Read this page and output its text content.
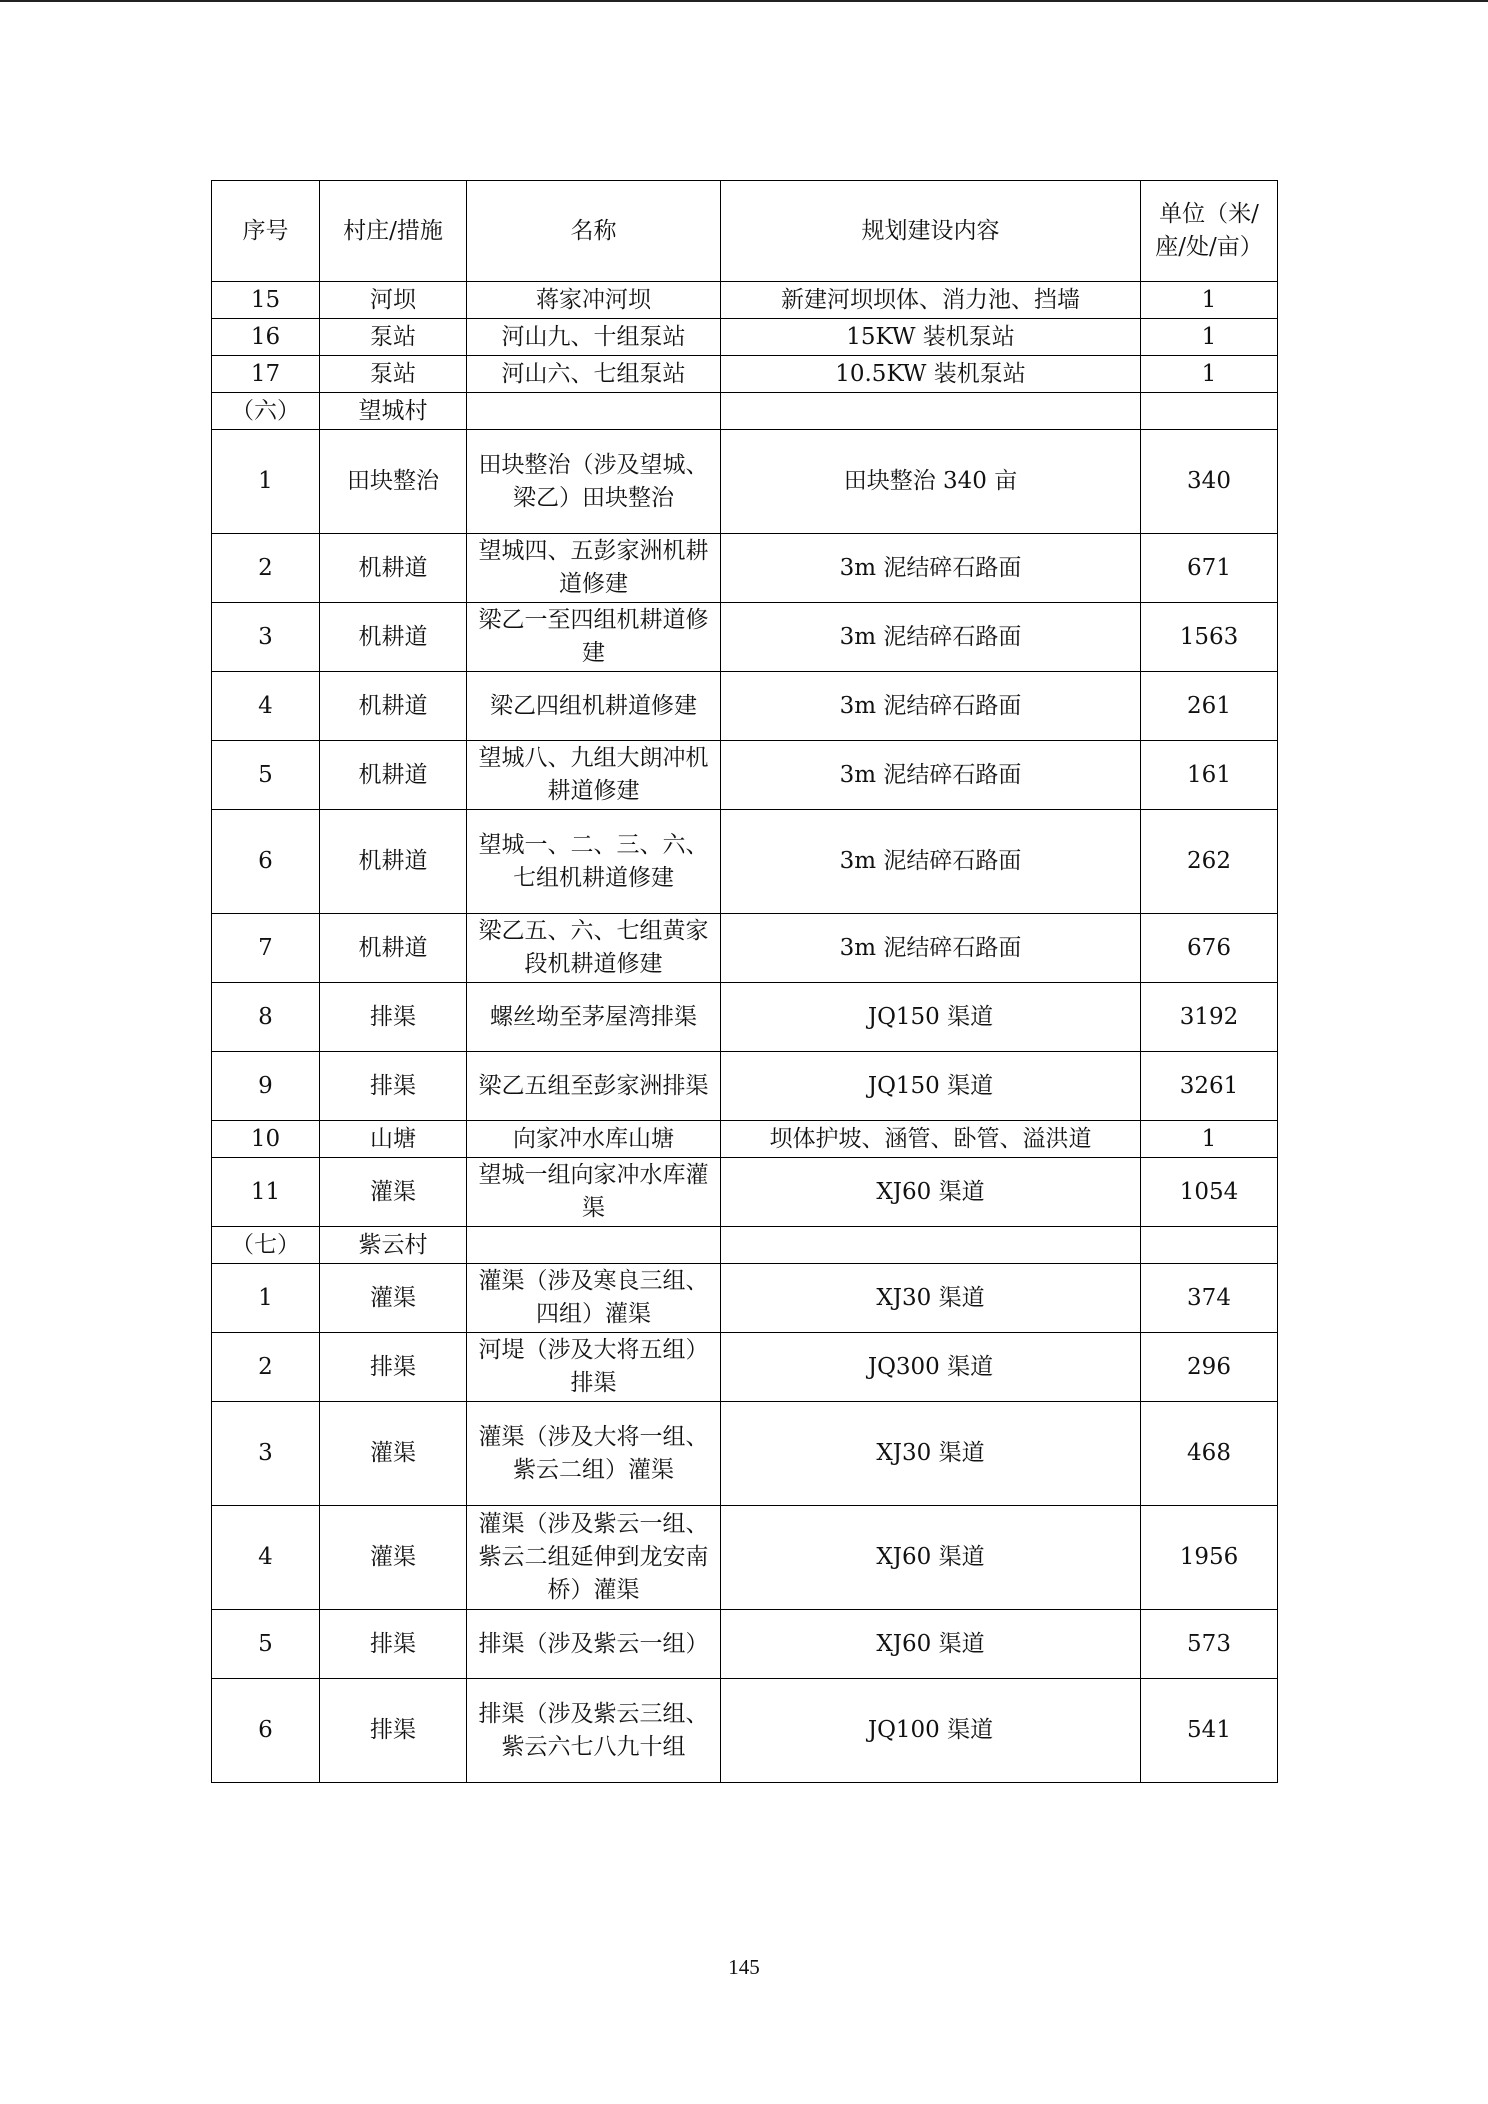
序号	村庄/措施	名称	规划建设内容	单位（米/座/处/亩）
15	河坝	蒋家冲河坝	新建河坝坝体、消力池、挡墙	1
16	泵站	河山九、十组泵站	15KW 装机泵站	1
17	泵站	河山六、七组泵站	10.5KW 装机泵站	1
（六）	望城村			
1	田块整治	田块整治（涉及望城、梁乙）田块整治	田块整治 340 亩	340
2	机耕道	望城四、五彭家洲机耕道修建	3m 泥结碎石路面	671
3	机耕道	梁乙一至四组机耕道修建	3m 泥结碎石路面	1563
4	机耕道	梁乙四组机耕道修建	3m 泥结碎石路面	261
5	机耕道	望城八、九组大朗冲机耕道修建	3m 泥结碎石路面	161
6	机耕道	望城一、二、三、六、七组机耕道修建	3m 泥结碎石路面	262
7	机耕道	梁乙五、六、七组黄家段机耕道修建	3m 泥结碎石路面	676
8	排渠	螺丝坳至茅屋湾排渠	JQ150 渠道	3192
9	排渠	梁乙五组至彭家洲排渠	JQ150 渠道	3261
10	山塘	向家冲水库山塘	坝体护坡、涵管、卧管、溢洪道	1
11	灌渠	望城一组向家冲水库灌渠	XJ60 渠道	1054
（七）	紫云村			
1	灌渠	灌渠（涉及寒良三组、四组）灌渠	XJ30 渠道	374
2	排渠	河堤（涉及大将五组）排渠	JQ300 渠道	296
3	灌渠	灌渠（涉及大将一组、紫云二组）灌渠	XJ30 渠道	468
4	灌渠	灌渠（涉及紫云一组、紫云二组延伸到龙安南桥）灌渠	XJ60 渠道	1956
5	排渠	排渠（涉及紫云一组）	XJ60 渠道	573
6	排渠	排渠（涉及紫云三组、紫云六七八九十组	JQ100 渠道	541
145
